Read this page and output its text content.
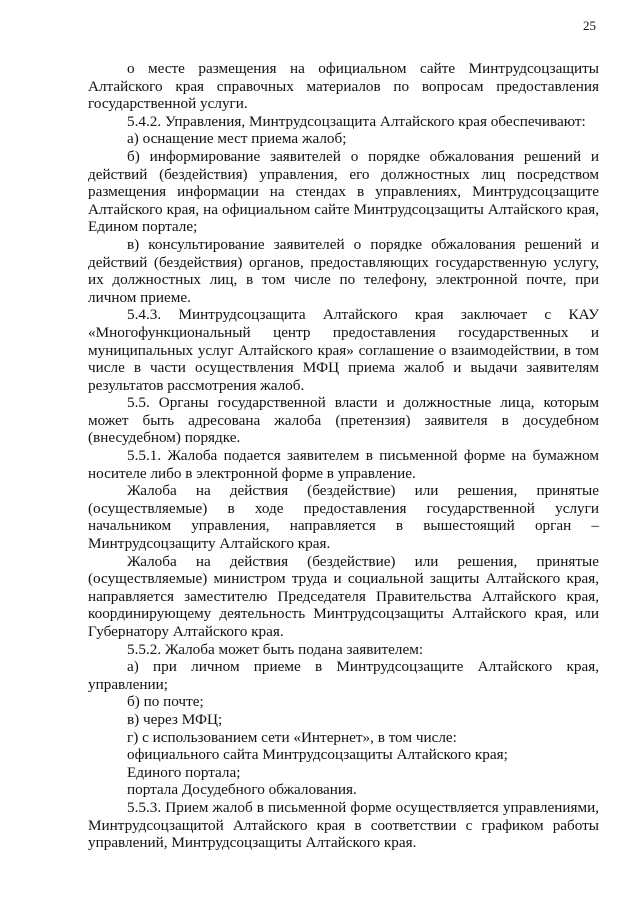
25

о месте размещения на официальном сайте Минтрудсоцзащиты Алтайского края справочных материалов по вопросам предоставления государственной услуги.

5.4.2. Управления, Минтрудсоцзащита Алтайского края обеспечивают:

а) оснащение мест приема жалоб;

б) информирование заявителей о порядке обжалования решений и действий (бездействия) управления, его должностных лиц посредством размещения информации на стендах в управлениях, Минтрудсоцзащите Алтайского края, на официальном сайте Минтрудсоцзащиты Алтайского края, Едином портале;

в) консультирование заявителей о порядке обжалования решений и действий (бездействия) органов, предоставляющих государственную услугу, их должностных лиц, в том числе по телефону, электронной почте, при личном приеме.

5.4.3. Минтрудсоцзащита Алтайского края заключает с КАУ «Многофункциональный центр предоставления государственных и муниципальных услуг Алтайского края» соглашение о взаимодействии, в том числе в части осуществления МФЦ приема жалоб и выдачи заявителям результатов рассмотрения жалоб.

5.5. Органы государственной власти и должностные лица, которым может быть адресована жалоба (претензия) заявителя в досудебном (внесудебном) порядке.

5.5.1. Жалоба подается заявителем в письменной форме на бумажном носителе либо в электронной форме в управление.

Жалоба на действия (бездействие) или решения, принятые (осуществляемые) в ходе предоставления государственной услуги начальником управления, направляется в вышестоящий орган – Минтрудсоцзащиту Алтайского края.

Жалоба на действия (бездействие) или решения, принятые (осуществляемые) министром труда и социальной защиты Алтайского края, направляется заместителю Председателя Правительства Алтайского края, координирующему деятельность Минтрудсоцзащиты Алтайского края, или Губернатору Алтайского края.

5.5.2. Жалоба может быть подана заявителем:

а) при личном приеме в Минтрудсоцзащите Алтайского края, управлении;

б) по почте;

в) через МФЦ;

г) с использованием сети «Интернет», в том числе:

официального сайта Минтрудсоцзащиты Алтайского края;

Единого портала;

портала Досудебного обжалования.

5.5.3. Прием жалоб в письменной форме осуществляется управлениями, Минтрудсоцзащитой Алтайского края в соответствии с графиком работы управлений, Минтрудсоцзащиты Алтайского края.
